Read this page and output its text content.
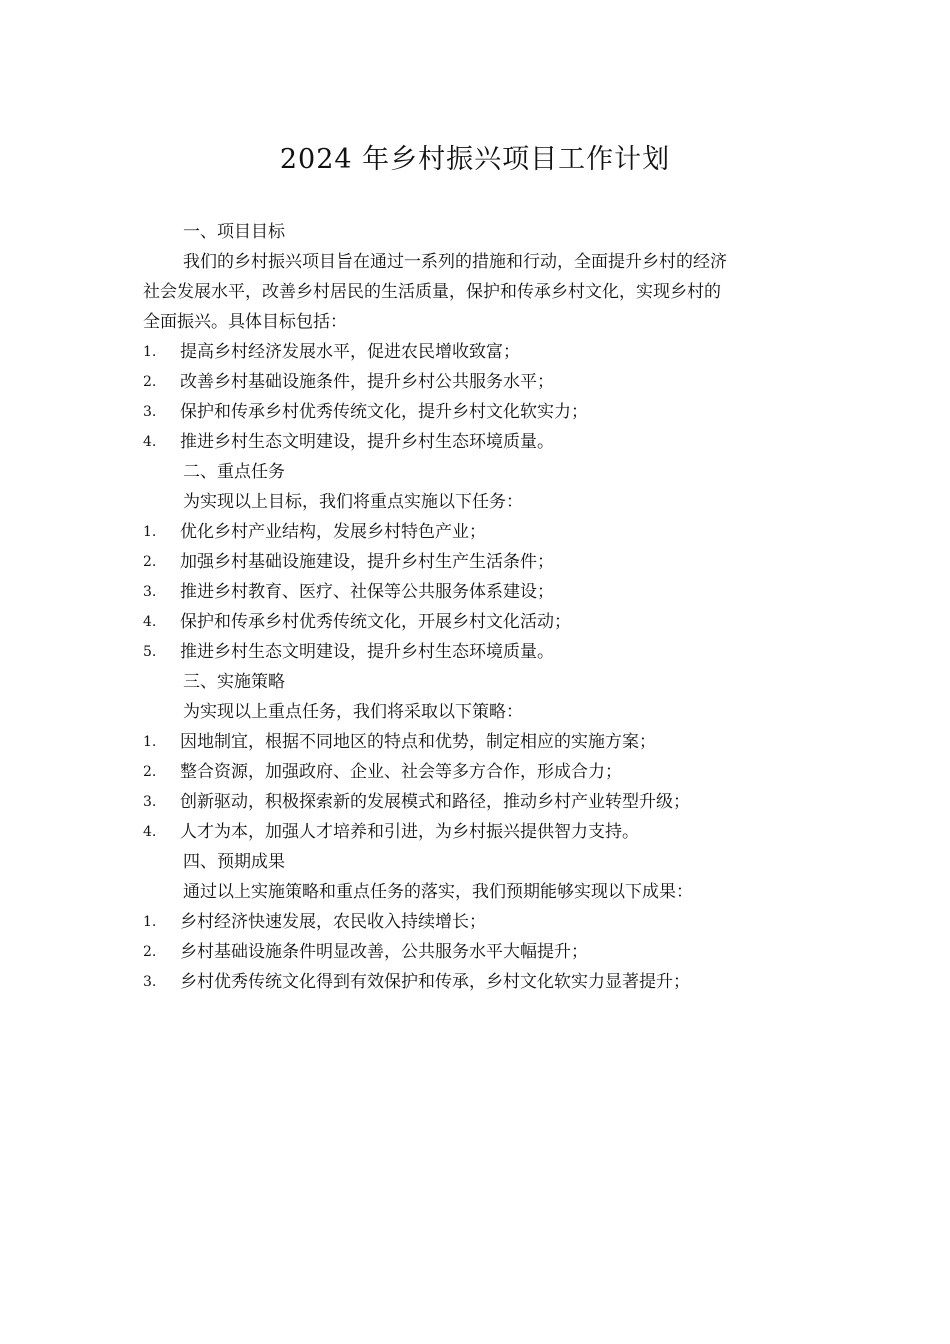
2024 年乡村振兴项目工作计划
一、项目目标
我们的乡村振兴项目旨在通过一系列的措施和行动，全面提升乡村的经济
社会发展水平，改善乡村居民的生活质量，保护和传承乡村文化，实现乡村的
全面振兴。具体目标包括：
1. 提高乡村经济发展水平，促进农民增收致富；
2. 改善乡村基础设施条件，提升乡村公共服务水平；
3. 保护和传承乡村优秀传统文化，提升乡村文化软实力；
4. 推进乡村生态文明建设，提升乡村生态环境质量。
二、重点任务
为实现以上目标，我们将重点实施以下任务：
1. 优化乡村产业结构，发展乡村特色产业；
2. 加强乡村基础设施建设，提升乡村生产生活条件；
3. 推进乡村教育、医疗、社保等公共服务体系建设；
4. 保护和传承乡村优秀传统文化，开展乡村文化活动；
5. 推进乡村生态文明建设，提升乡村生态环境质量。
三、实施策略
为实现以上重点任务，我们将采取以下策略：
1. 因地制宜，根据不同地区的特点和优势，制定相应的实施方案；
2. 整合资源，加强政府、企业、社会等多方合作，形成合力；
3. 创新驱动，积极探索新的发展模式和路径，推动乡村产业转型升级；
4. 人才为本，加强人才培养和引进，为乡村振兴提供智力支持。
四、预期成果
通过以上实施策略和重点任务的落实，我们预期能够实现以下成果：
1. 乡村经济快速发展，农民收入持续增长；
2. 乡村基础设施条件明显改善，公共服务水平大幅提升；
3. 乡村优秀传统文化得到有效保护和传承，乡村文化软实力显著提升；
